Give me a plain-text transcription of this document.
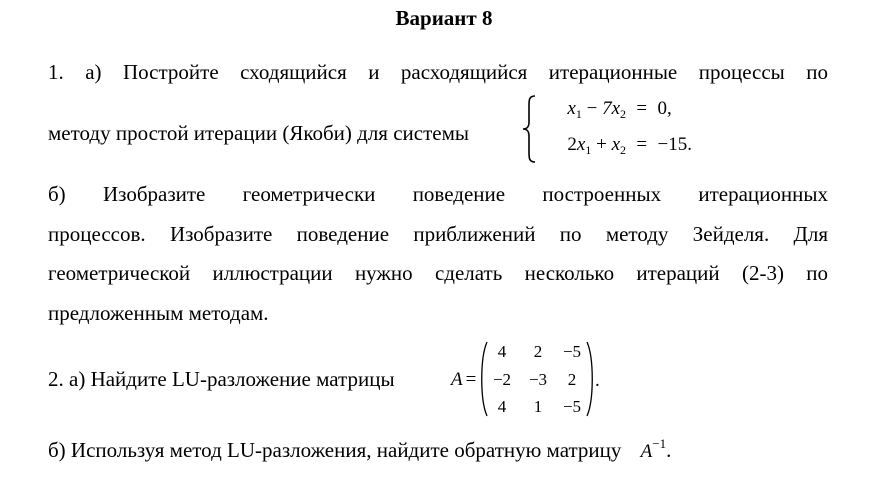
Вариант 8
1. а) Постройте сходящийся и расходящийся итерационные процессы по
методу простой итерации (Якоби) для системы
$x_1 - 7x_2 = 0$,
$2x_1 + x_2 = -15$.
б) Изобразите геометрически поведение построенных итерационных
процессов. Изобразите поведение приближений по методу Зейделя. Для
геометрической иллюстрации нужно сделать несколько итераций (2-3) по
предложенным методам.
2. а) Найдите LU-разложение матрицы	A =
4	2	−5
−2	−3	2
4	1	−5
.
б) Используя метод LU-разложения, найдите обратную матрицу $A^{-1}$.
